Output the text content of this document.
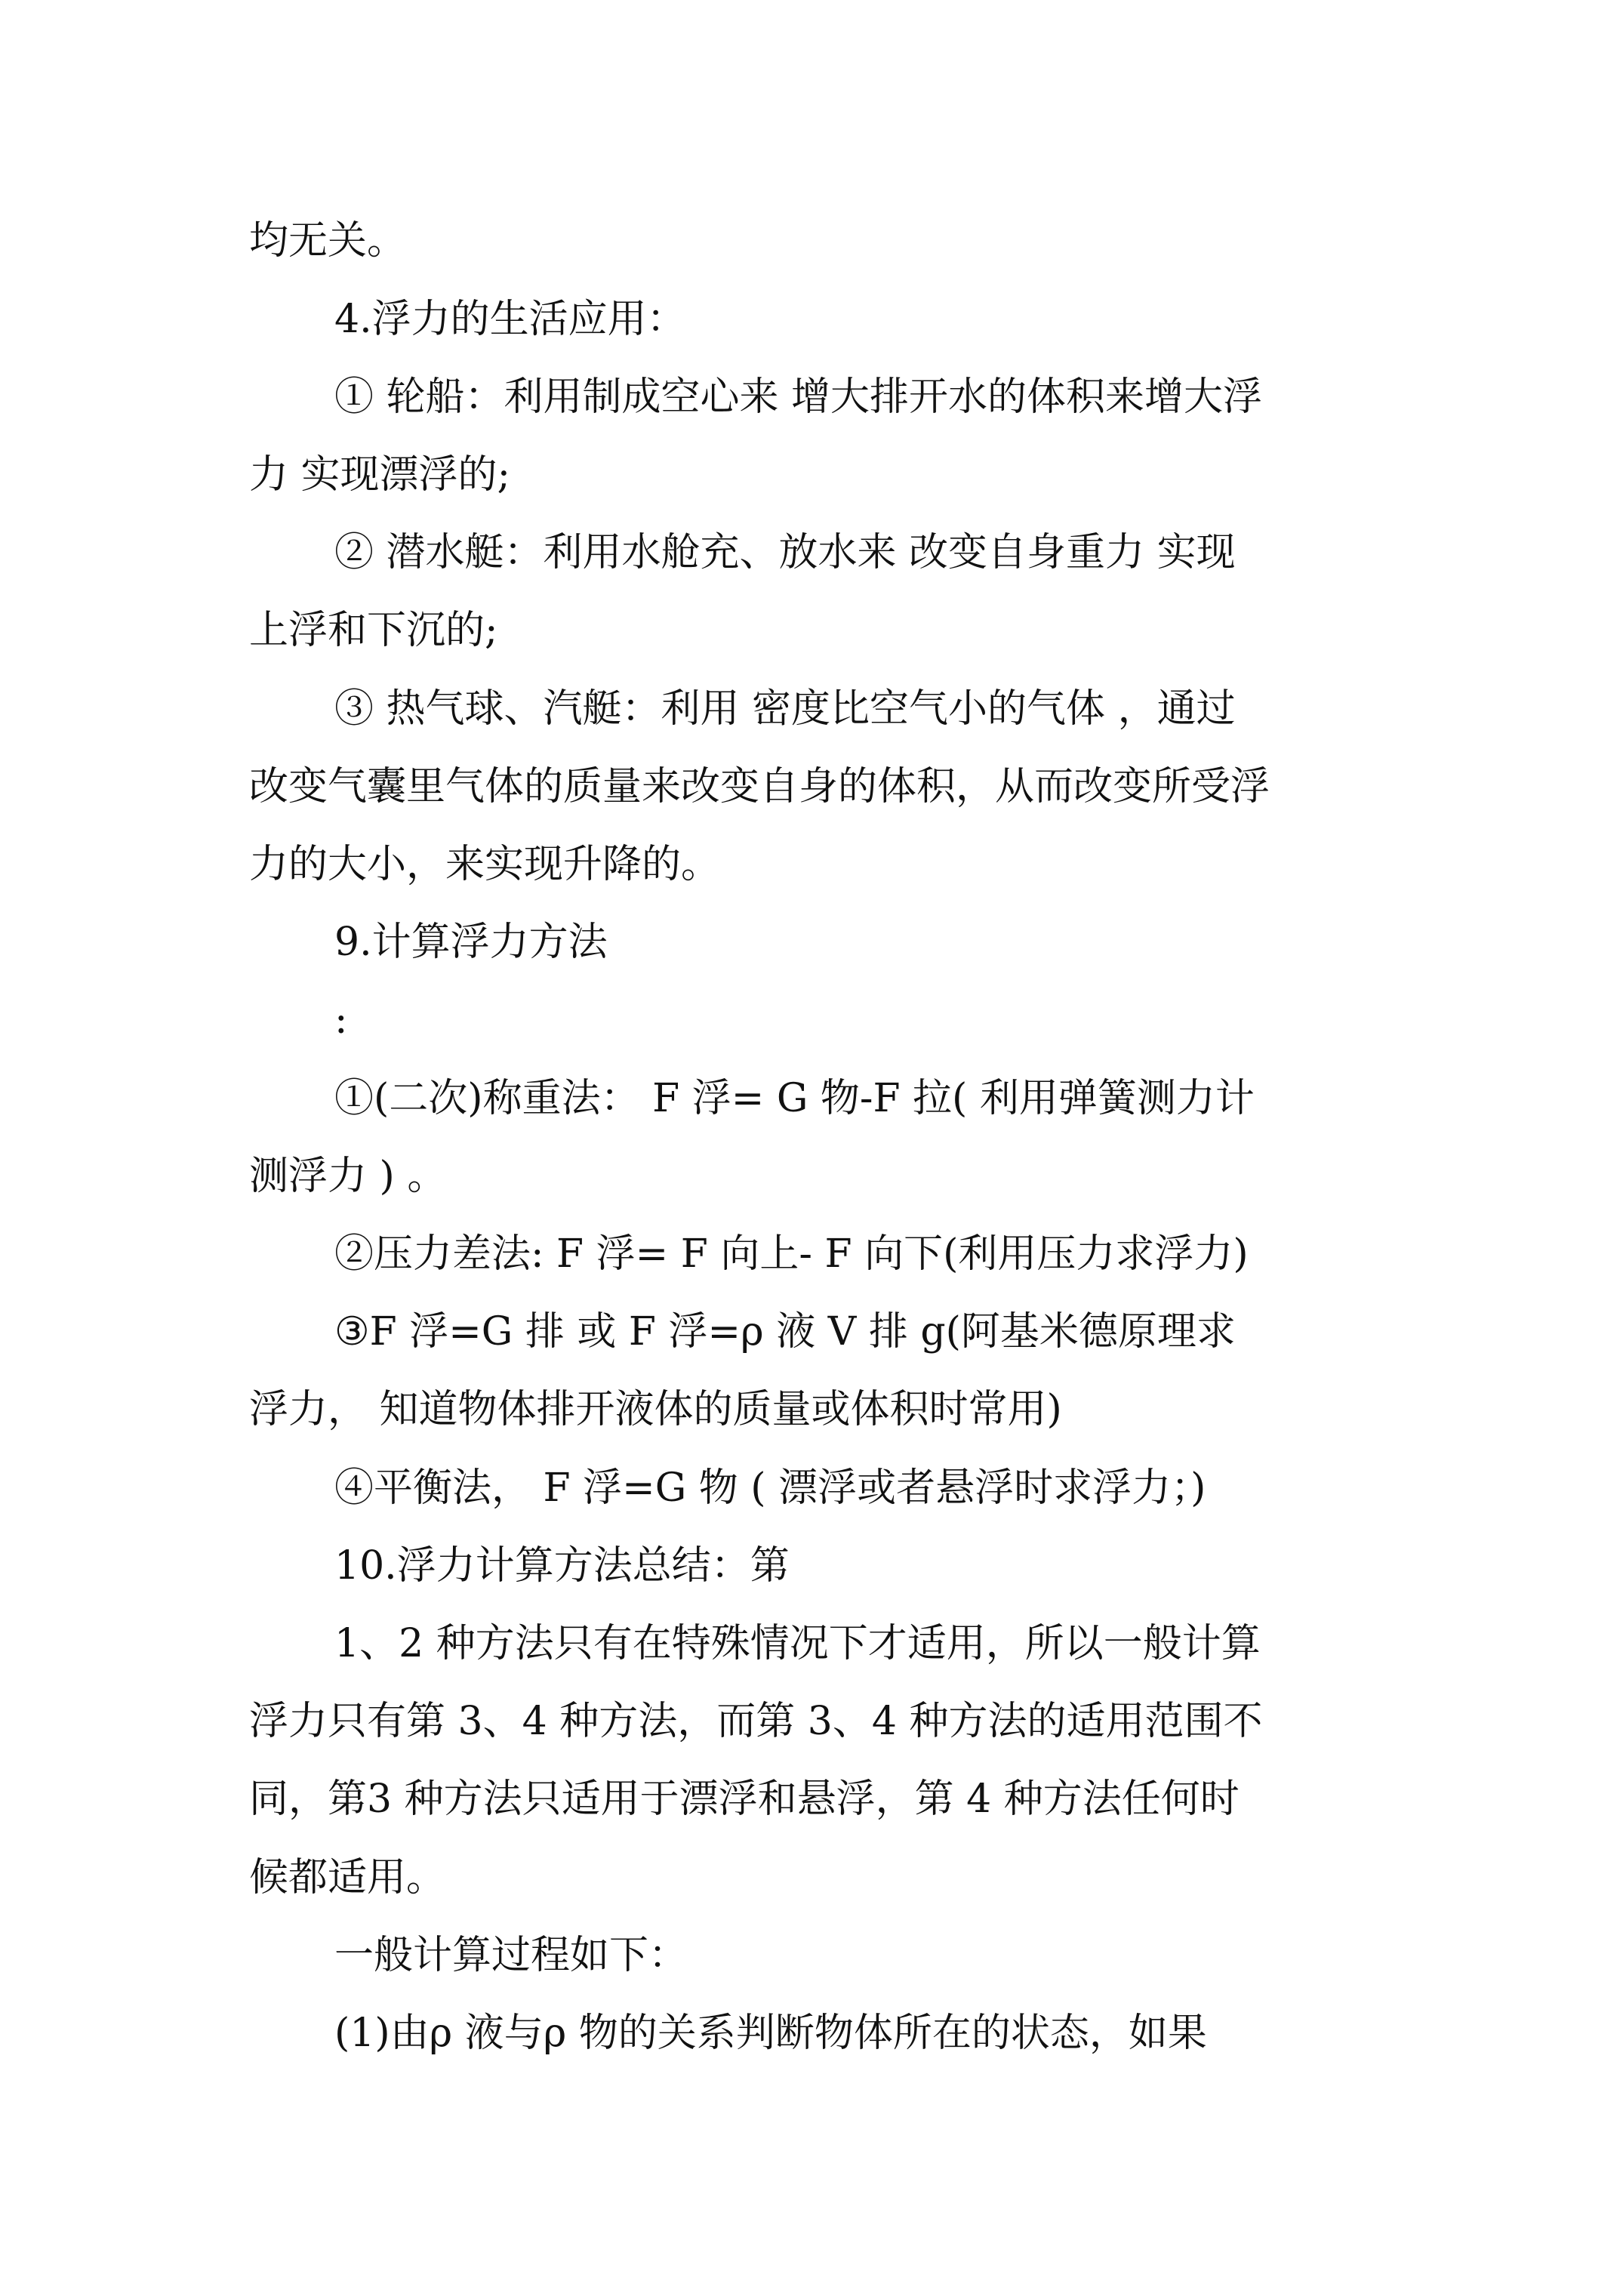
均无关。
4.浮力的生活应用：
① 轮船：利用制成空心来 增大排开水的体积来增大浮
力 实现漂浮的;
② 潜水艇：利用水舱充、放水来 改变自身重力 实现
上浮和下沉的;
③ 热气球、汽艇：利用 密度比空气小的气体 ，通过
改变气囊里气体的质量来改变自身的体积，从而改变所受浮
力的大小，来实现升降的。
9.计算浮力方法
:
①(二次)称重法： F 浮= G 物-F 拉( 利用弹簧测力计
测浮力 ) 。
②压力差法: F 浮= F 向上- F 向下(利用压力求浮力)
③F 浮=G 排 或 F 浮=ρ 液 V 排 g(阿基米德原理求
浮力， 知道物体排开液体的质量或体积时常用)
④平衡法， F 浮=G 物 ( 漂浮或者悬浮时求浮力；)
10.浮力计算方法总结：第
1、2 种方法只有在特殊情况下才适用，所以一般计算
浮力只有第 3、4 种方法，而第 3、4 种方法的适用范围不
同，第3 种方法只适用于漂浮和悬浮，第 4 种方法任何时
候都适用。
一般计算过程如下：
(1)由ρ 液与ρ 物的关系判断物体所在的状态，如果
